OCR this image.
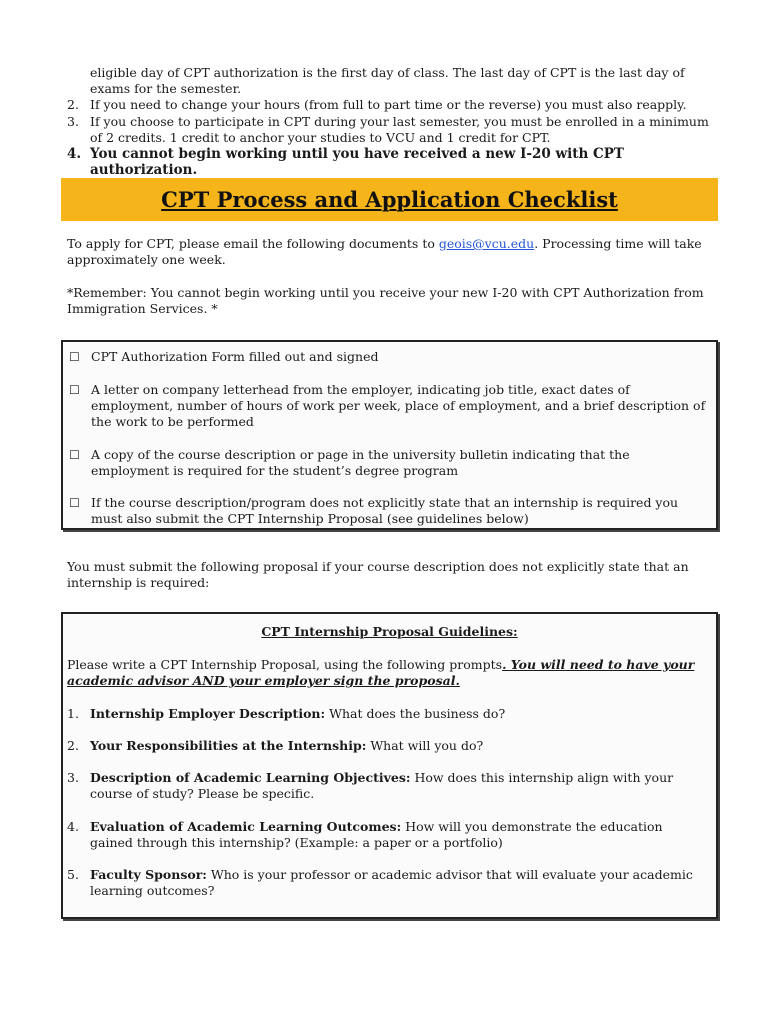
eligible day of CPT authorization is the first day of class. The last day of CPT is the last day of exams for the semester.
2. If you need to change your hours (from full to part time or the reverse) you must also reapply.
3. If you choose to participate in CPT during your last semester, you must be enrolled in a minimum of 2 credits. 1 credit to anchor your studies to VCU and 1 credit for CPT.
4. You cannot begin working until you have received a new I-20 with CPT authorization.
CPT Process and Application Checklist
To apply for CPT, please email the following documents to geois@vcu.edu. Processing time will take approximately one week.
*Remember: You cannot begin working until you receive your new I-20 with CPT Authorization from Immigration Services. *
☐ CPT Authorization Form filled out and signed
☐ A letter on company letterhead from the employer, indicating job title, exact dates of employment, number of hours of work per week, place of employment, and a brief description of the work to be performed
☐ A copy of the course description or page in the university bulletin indicating that the employment is required for the student’s degree program
☐ If the course description/program does not explicitly state that an internship is required you must also submit the CPT Internship Proposal (see guidelines below)
You must submit the following proposal if your course description does not explicitly state that an internship is required:
CPT Internship Proposal Guidelines:
Please write a CPT Internship Proposal, using the following prompts. You will need to have your academic advisor AND your employer sign the proposal.
1. Internship Employer Description: What does the business do?
2. Your Responsibilities at the Internship: What will you do?
3. Description of Academic Learning Objectives: How does this internship align with your course of study? Please be specific.
4. Evaluation of Academic Learning Outcomes: How will you demonstrate the education gained through this internship? (Example: a paper or a portfolio)
5. Faculty Sponsor: Who is your professor or academic advisor that will evaluate your academic learning outcomes?
